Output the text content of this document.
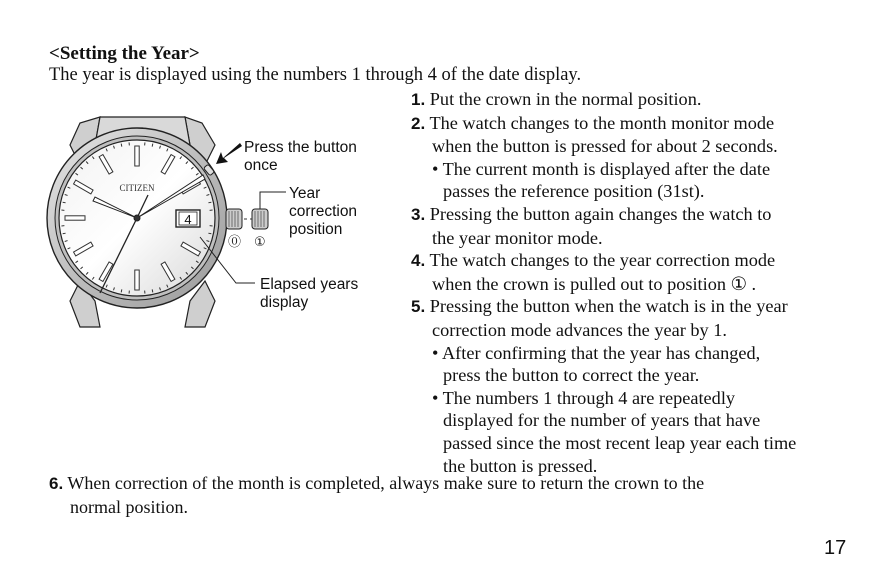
<Setting the Year>
The year is displayed using the numbers 1 through 4 of the date display.
CITIZEN
4
⓪ ①
Press the button
once
Year
correction
position
Elapsed years
display
1. Put the crown in the normal position.
2. The watch changes to the month monitor mode
when the button is pressed for about 2 seconds.
• The current month is displayed after the date
passes the reference position (31st).
3. Pressing the button again changes the watch to
the year monitor mode.
4. The watch changes to the year correction mode
when the crown is pulled out to position ① .
5. Pressing the button when the watch is in the year
correction mode advances the year by 1.
• After confirming that the year has changed,
press the button to correct the year.
• The numbers 1 through 4 are repeatedly
displayed for the number of years that have
passed since the most recent leap year each time
the button is pressed.
6. When correction of the month is completed, always make sure to return the crown to the
normal position.
17
